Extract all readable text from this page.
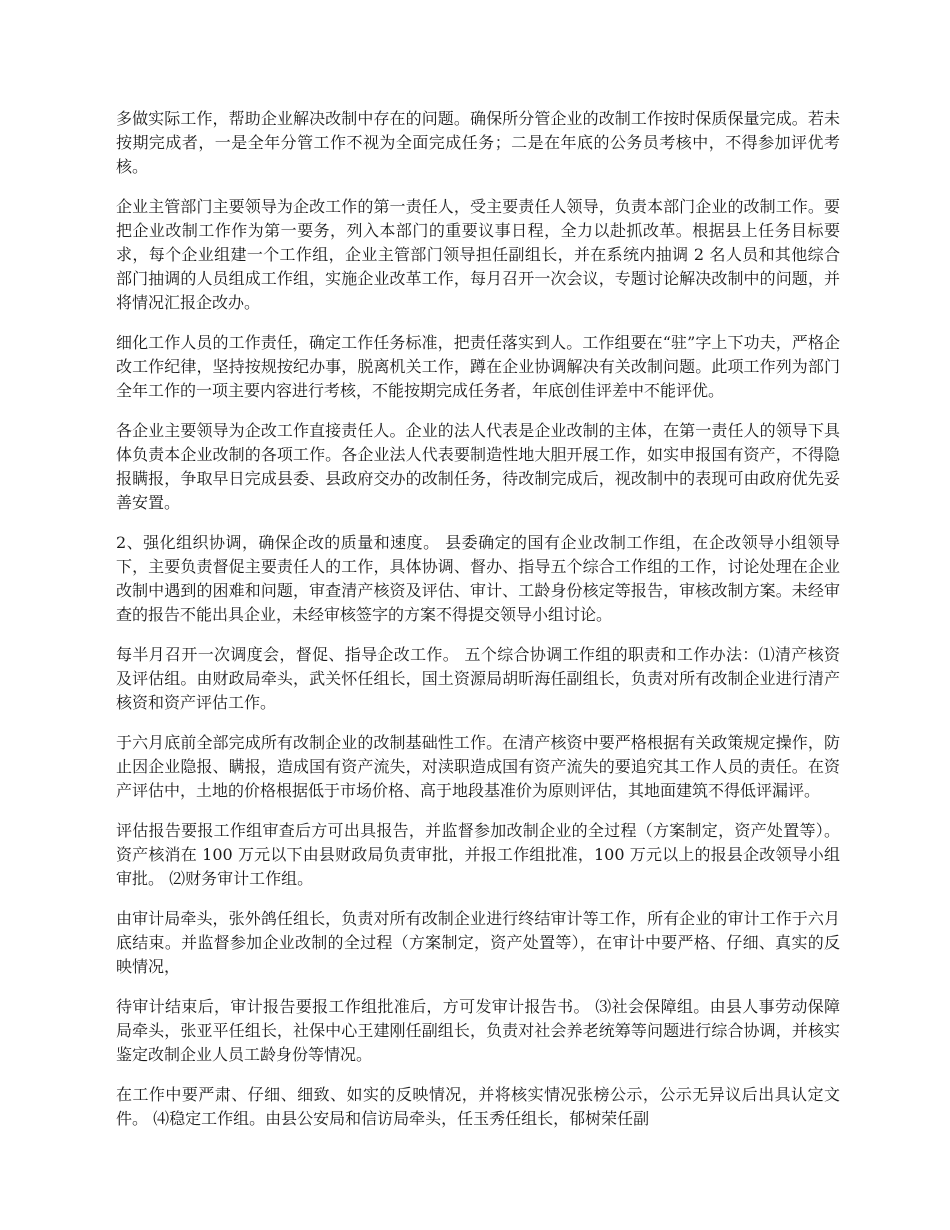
多做实际工作，帮助企业解决改制中存在的问题。确保所分管企业的改制工作按时保质保量完成。若未按期完成者，一是全年分管工作不视为全面完成任务；二是在年底的公务员考核中，不得参加评优考核。

企业主管部门主要领导为企改工作的第一责任人，受主要责任人领导，负责本部门企业的改制工作。要把企业改制工作作为第一要务，列入本部门的重要议事日程，全力以赴抓改革。根据县上任务目标要求，每个企业组建一个工作组，企业主管部门领导担任副组长，并在系统内抽调 2 名人员和其他综合部门抽调的人员组成工作组，实施企业改革工作，每月召开一次会议，专题讨论解决改制中的问题，并将情况汇报企改办。

细化工作人员的工作责任，确定工作任务标准，把责任落实到人。工作组要在“驻”字上下功夫，严格企改工作纪律，坚持按规按纪办事，脱离机关工作，蹲在企业协调解决有关改制问题。此项工作列为部门全年工作的一项主要内容进行考核，不能按期完成任务者，年底创佳评差中不能评优。

各企业主要领导为企改工作直接责任人。企业的法人代表是企业改制的主体，在第一责任人的领导下具体负责本企业改制的各项工作。各企业法人代表要制造性地大胆开展工作，如实申报国有资产，不得隐报瞒报，争取早日完成县委、县政府交办的改制任务，待改制完成后，视改制中的表现可由政府优先妥善安置。

2、强化组织协调，确保企改的质量和速度。 县委确定的国有企业改制工作组，在企改领导小组领导下，主要负责督促主要责任人的工作，具体协调、督办、指导五个综合工作组的工作，讨论处理在企业改制中遇到的困难和问题，审查清产核资及评估、审计、工龄身份核定等报告，审核改制方案。未经审查的报告不能出具企业，未经审核签字的方案不得提交领导小组讨论。

每半月召开一次调度会，督促、指导企改工作。 五个综合协调工作组的职责和工作办法：⑴清产核资及评估组。由财政局牵头，武关怀任组长，国土资源局胡昕海任副组长，负责对所有改制企业进行清产核资和资产评估工作。

于六月底前全部完成所有改制企业的改制基础性工作。在清产核资中要严格根据有关政策规定操作，防止因企业隐报、瞒报，造成国有资产流失，对渎职造成国有资产流失的要追究其工作人员的责任。在资产评估中，土地的价格根据低于市场价格、高于地段基准价为原则评估，其地面建筑不得低评漏评。

评估报告要报工作组审查后方可出具报告，并监督参加改制企业的全过程（方案制定，资产处置等）。资产核消在 100 万元以下由县财政局负责审批，并报工作组批准，100 万元以上的报县企改领导小组审批。 ⑵财务审计工作组。

由审计局牵头，张外鸽任组长，负责对所有改制企业进行终结审计等工作，所有企业的审计工作于六月底结束。并监督参加企业改制的全过程（方案制定，资产处置等），在审计中要严格、仔细、真实的反映情况，

待审计结束后，审计报告要报工作组批准后，方可发审计报告书。 ⑶社会保障组。由县人事劳动保障局牵头，张亚平任组长，社保中心王建刚任副组长，负责对社会养老统筹等问题进行综合协调，并核实鉴定改制企业人员工龄身份等情况。

在工作中要严肃、仔细、细致、如实的反映情况，并将核实情况张榜公示，公示无异议后出具认定文件。 ⑷稳定工作组。由县公安局和信访局牵头，任玉秀任组长，郁树荣任副
